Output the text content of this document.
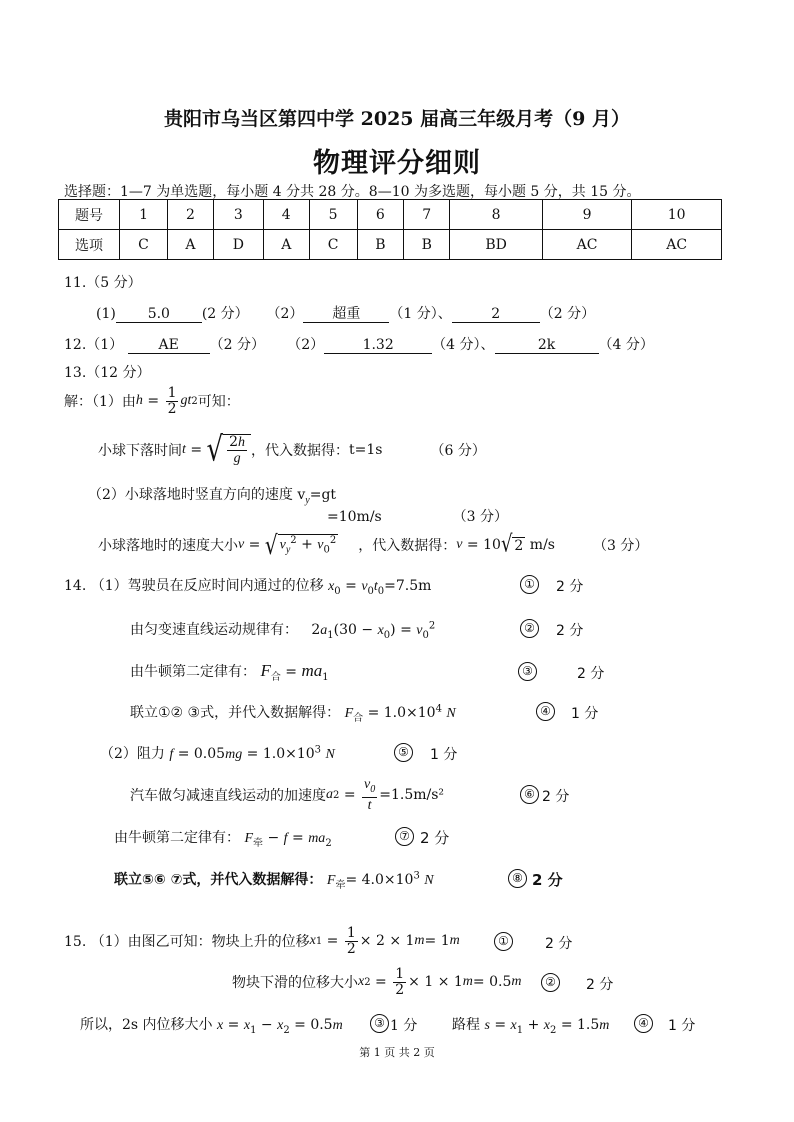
贵阳市乌当区第四中学 2025 届高三年级月考（9 月）
物理评分细则
选择题：1—7 为单选题，每小题 4 分共 28 分。8—10 为多选题，每小题 5 分，共 15 分。
题号	1	2	3	4	5	6	7	8	9	10
选项	C	A	D	A	C	B	B	BD	AC	AC
11.（5 分）
(1) 5.0 (2 分） （2） 超重 （1 分）、	2	（2 分）
12.（1）	AE （2 分） （2）	1.32	（4 分）、	2k	（4 分）
13.（12 分）
解：（1）由 $h = \frac{1}{2}$ gt 2 可知：
小球下落时间 t = √ $\frac{2h}{g}$ ，代入数据得： t=1s	（6 分）
（2）小球落地时竖直方向的速度 $v_y=gt$
=10m/s	（3 分）
小球落地时的速度大小 v = √ $v_y^2 + v_0^2$ ，代入数据得： v = 10 √ 2
m/s	（3 分）
14. （1）驾驶员在反应时间内通过的位移 $x_0 = v_0t_0=7.5m$	① 2 分
由匀变速直线运动规律有：   $2a_1(30 - x_0) = v_0^2$	② 2 分
由牛顿第二定律有： $F_合 = ma_1$	③	2 分
联立①② ③式，并代入数据解得： $F_合 = 1.0\times 10^4$ N	④ 1 分
（2）阻力 $f = 0.05mg = 1.0\times 10^3$ N	⑤ 1 分
汽车做匀减速直线运动的加速度 a $2 = \frac{v_0}{t} =1.5m/s^2$	⑥ 2 分
由牛顿第二定律有： $F_牵 - f = ma_2$
⑦ 2 分
联立⑤⑥ ⑦式，并代入数据解得： $F_牵= 4.0\times 10^3$ N	⑧ 2 分
15. （1）由图乙可知：物块上升的位移 x $1 = \frac{1}{2} \times 2 \times 1$ m = 1 m	①	2 分
物块下滑的位移大小 x $2 = \frac{1}{2} \times 1 \times 1$ m = 0.5 m	② 2 分
所以，2s 内位移大小 $x = x_1 - x_2 = 0.5m$	③ 1 分 路程 $s = x_1 + x_2 = 1.5m$	④ 1 分
第 1 页 共 2 页
